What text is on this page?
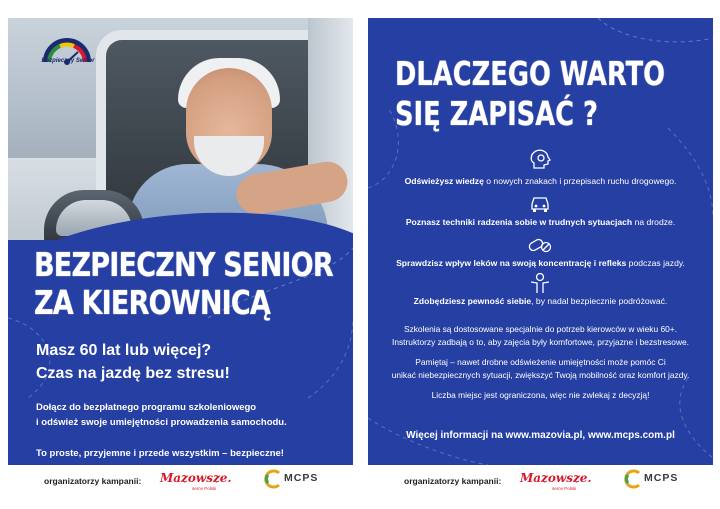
Bezpieczny Senior
BEZPIECZNY SENIOR
ZA KIEROWNICĄ

Masz 60 lat lub więcej?

Czas na jazdę bez stresu!

Dołącz do bezpłatnego programu szkoleniowego

i odśwież swoje umiejętności prowadzenia samochodu.

To proste, przyjemne i przede wszystkim – bezpieczne!

DLACZEGO WARTO
SIĘ ZAPISAĆ ?

Odświeżysz wiedzę o nowych znakach i przepisach ruchu drogowego.

Poznasz techniki radzenia sobie w trudnych sytuacjach na drodze.

Sprawdzisz wpływ leków na swoją koncentrację i refleks podczas jazdy.

Zdobędziesz pewność siebie, by nadal bezpiecznie podróżować.

Szkolenia są dostosowane specjalnie do potrzeb kierowców w wieku 60+.
Instruktorzy zadbają o to, aby zajęcia były komfortowe, przyjazne i bezstresowe.

Pamiętaj – nawet drobne odświeżenie umiejętności może pomóc Ci
unikać niebezpiecznych sytuacji, zwiększyć Twoją mobilność oraz komfort jazdy.

Liczba miejsc jest ograniczona, więc nie zwlekaj z decyzją!

Więcej informacji na www.mazovia.pl, www.mcps.com.pl

organizatorzy kampanii: Mazowsze.
serce Polski
MCPS	organizatorzy kampanii: Mazowsze.
serce Polski
MCPS
